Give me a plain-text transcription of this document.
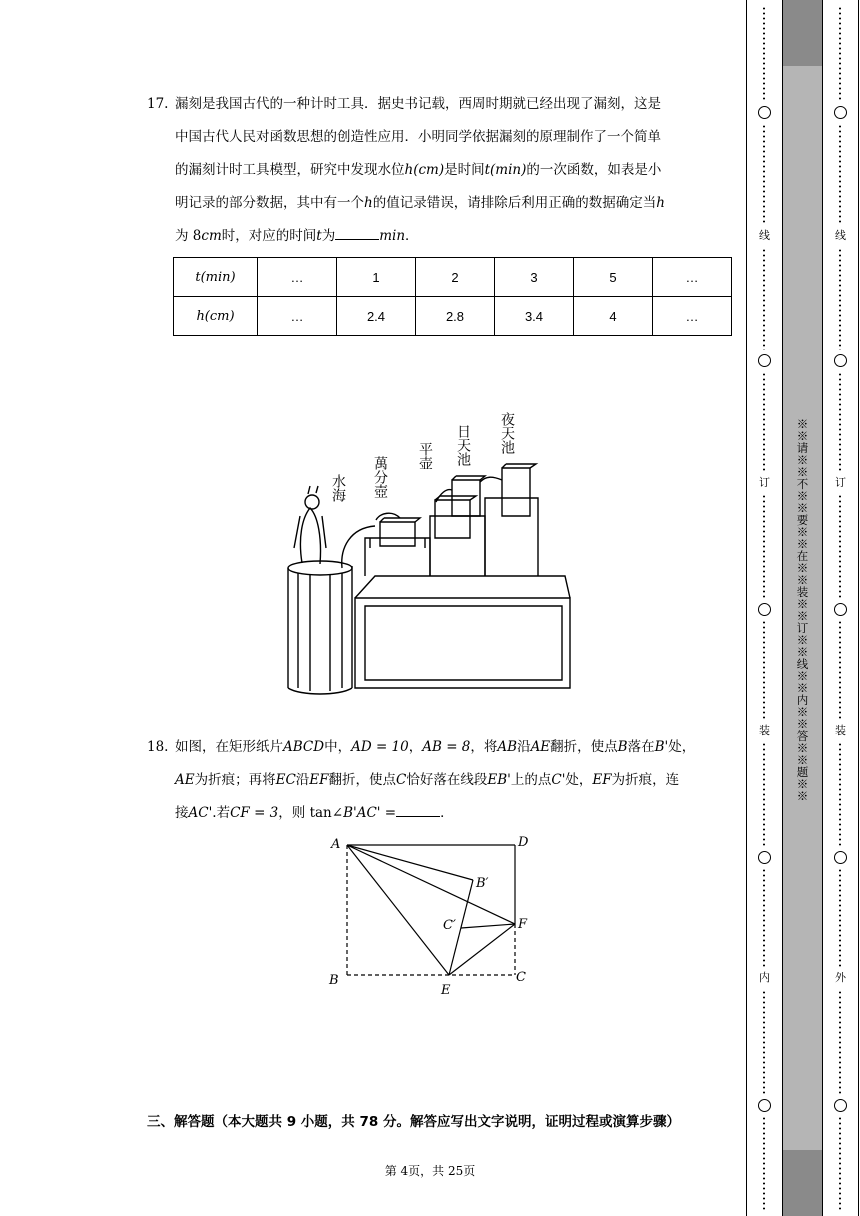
17. 漏刻是我国古代的一种计时工具．据史书记载，西周时期就已经出现了漏刻，这是
中国古代人民对函数思想的创造性应用．小明同学依据漏刻的原理制作了一个简单
的漏刻计时工具模型，研究中发现水位h(cm)是时间t(min)的一次函数，如表是小
明记录的部分数据，其中有一个h的值记录错误，请排除后利用正确的数据确定当h
为 8cm时，对应的时间t为	min．
t(min)	…	1	2	3	5	…
h(cm)	…	2.4	2.8	3.4	4	…
夜天池
日天池
平壶
萬分壺
水海
18. 如图，在矩形纸片ABCD中，AD = 10，AB = 8，将AB沿AE翻折，使点B落在B'处，
AE为折痕；再将EC沿EF翻折，使点C恰好落在线段EB'上的点C'处，EF为折痕，连
接AC'.若CF = 3，则 tan∠B'AC' =	．
A	D
B′
C′	F
B
E
C
三、解答题（本大题共 9 小题，共 78 分。解答应写出文字说明，证明过程或演算步骤）
第 4页，共 25页
※※请※※不※※要※※在※※装※※订※※线※※内※※答※※题※※
线
订
装
内
线
订
装
外
